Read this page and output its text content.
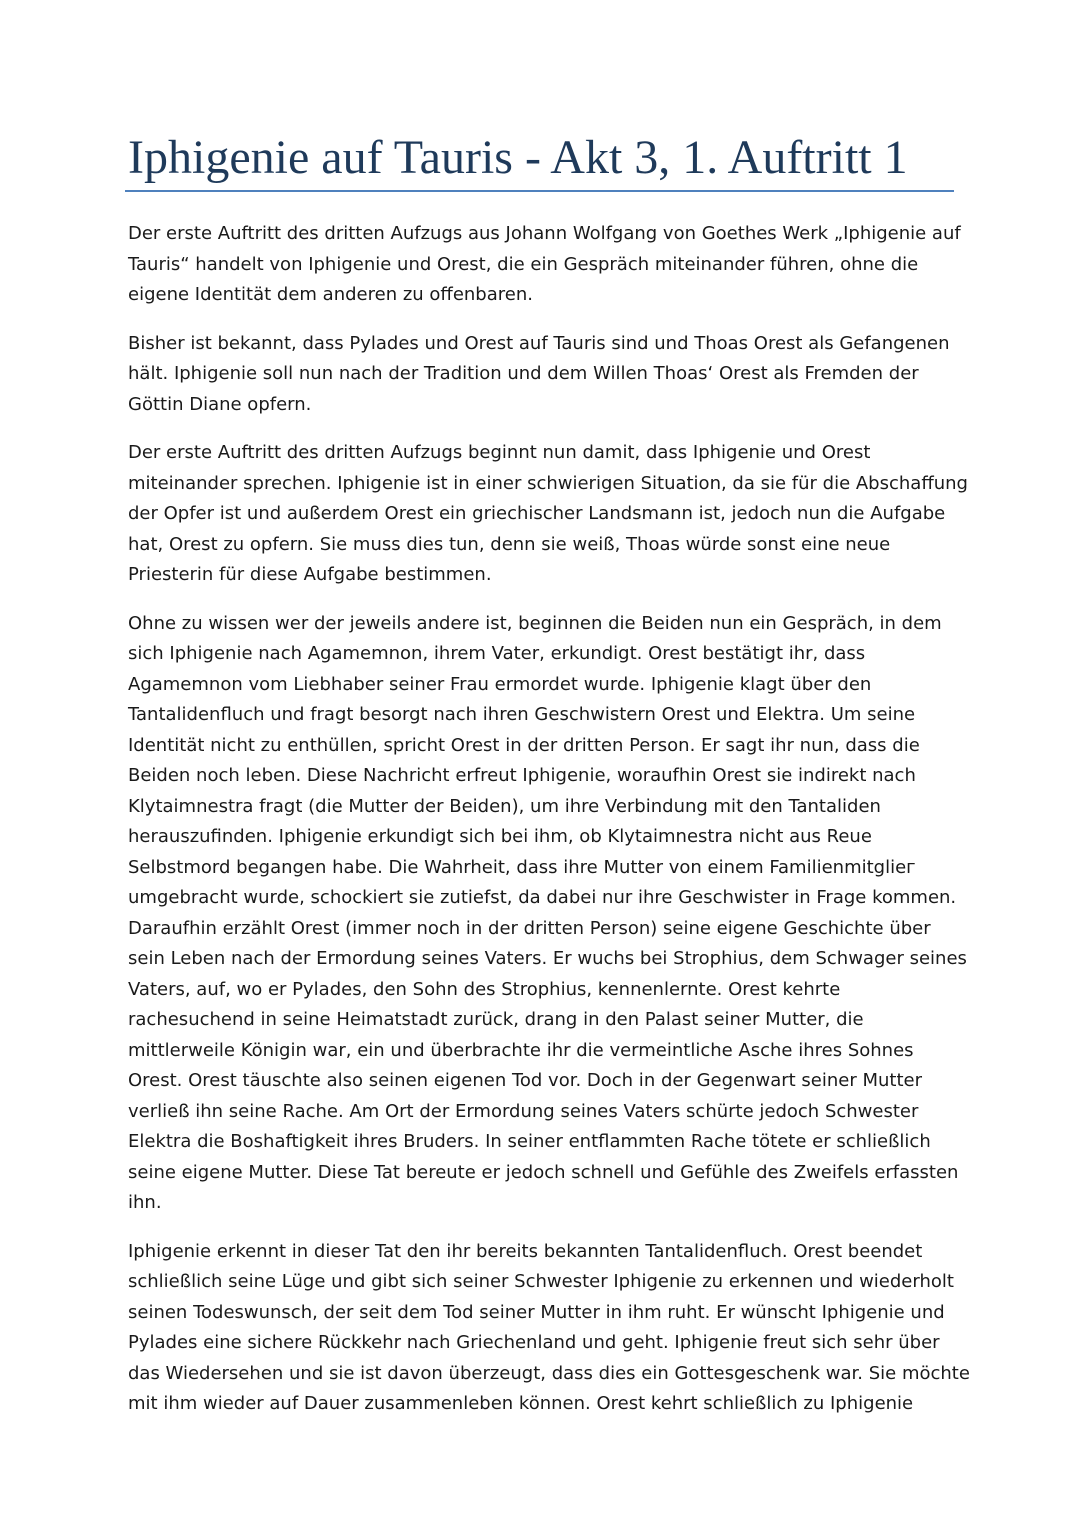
Iphigenie auf Tauris - Akt 3, 1. Auftritt 1

Der erste Auftritt des dritten Aufzugs aus Johann Wolfgang von Goethes Werk „Iphigenie auf
Tauris“ handelt von Iphigenie und Orest, die ein Gespräch miteinander führen, ohne die
eigene Identität dem anderen zu offenbaren.

Bisher ist bekannt, dass Pylades und Orest auf Tauris sind und Thoas Orest als Gefangenen
hält. Iphigenie soll nun nach der Tradition und dem Willen Thoas‘ Orest als Fremden der
Göttin Diane opfern.

Der erste Auftritt des dritten Aufzugs beginnt nun damit, dass Iphigenie und Orest
miteinander sprechen. Iphigenie ist in einer schwierigen Situation, da sie für die Abschaffung
der Opfer ist und außerdem Orest ein griechischer Landsmann ist, jedoch nun die Aufgabe
hat, Orest zu opfern. Sie muss dies tun, denn sie weiß, Thoas würde sonst eine neue
Priesterin für diese Aufgabe bestimmen.

Ohne zu wissen wer der jeweils andere ist, beginnen die Beiden nun ein Gespräch, in dem
sich Iphigenie nach Agamemnon, ihrem Vater, erkundigt. Orest bestätigt ihr, dass
Agamemnon vom Liebhaber seiner Frau ermordet wurde. Iphigenie klagt über den
Tantalidenfluch und fragt besorgt nach ihren Geschwistern Orest und Elektra. Um seine
Identität nicht zu enthüllen, spricht Orest in der dritten Person. Er sagt ihr nun, dass die
Beiden noch leben. Diese Nachricht erfreut Iphigenie, woraufhin Orest sie indirekt nach
Klytaimnestra fragt (die Mutter der Beiden), um ihre Verbindung mit den Tantaliden
herauszufinden. Iphigenie erkundigt sich bei ihm, ob Klytaimnestra nicht aus Reue
Selbstmord begangen habe. Die Wahrheit, dass ihre Mutter von einem Familienmitgliег
umgebracht wurde, schockiert sie zutiefst, da dabei nur ihre Geschwister in Frage kommen.
Daraufhin erzählt Orest (immer noch in der dritten Person) seine eigene Geschichte über
sein Leben nach der Ermordung seines Vaters. Er wuchs bei Strophius, dem Schwager seines
Vaters, auf, wo er Pylades, den Sohn des Strophius, kennenlernte. Orest kehrte
rachesuchend in seine Heimatstadt zurück, drang in den Palast seiner Mutter, die
mittlerweile Königin war, ein und überbrachte ihr die vermeintliche Asche ihres Sohnes
Orest. Orest täuschte also seinen eigenen Tod vor. Doch in der Gegenwart seiner Mutter
verließ ihn seine Rache. Am Ort der Ermordung seines Vaters schürte jedoch Schwester
Elektra die Boshaftigkeit ihres Bruders. In seiner entflammten Rache tötete er schließlich
seine eigene Mutter. Diese Tat bereute er jedoch schnell und Gefühle des Zweifels erfassten
ihn.

Iphigenie erkennt in dieser Tat den ihr bereits bekannten Tantalidenfluch. Orest beendet
schließlich seine Lüge und gibt sich seiner Schwester Iphigenie zu erkennen und wiederholt
seinen Todeswunsch, der seit dem Tod seiner Mutter in ihm ruht. Er wünscht Iphigenie und
Pylades eine sichere Rückkehr nach Griechenland und geht. Iphigenie freut sich sehr über
das Wiedersehen und sie ist davon überzeugt, dass dies ein Gottesgeschenk war. Sie möchte
mit ihm wieder auf Dauer zusammenleben können. Orest kehrt schließlich zu Iphigenie
